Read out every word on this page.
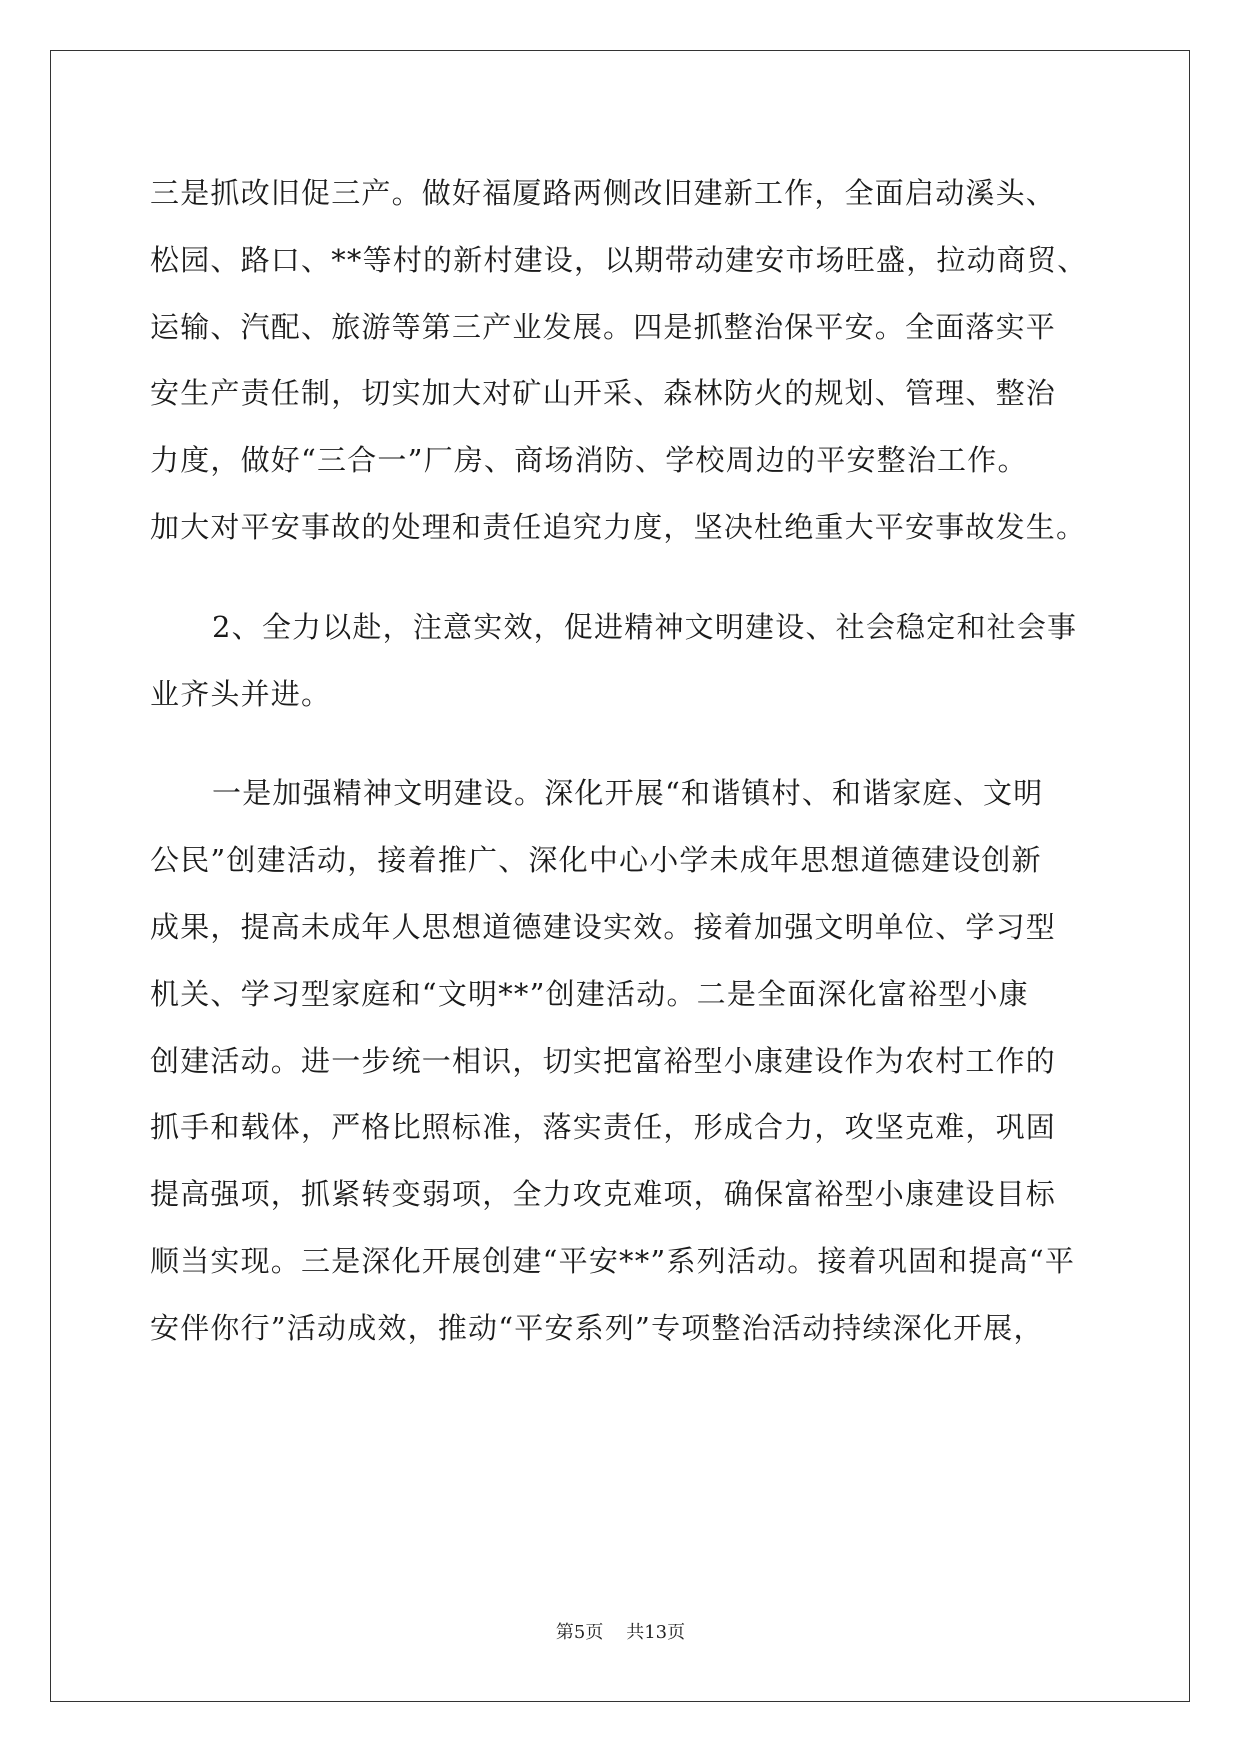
三是抓改旧促三产。做好福厦路两侧改旧建新工作，全面启动溪头、
松园、路口、**等村的新村建设，以期带动建安市场旺盛，拉动商贸、
运输、汽配、旅游等第三产业发展。四是抓整治保平安。全面落实平
安生产责任制，切实加大对矿山开采、森林防火的规划、管理、整治
力度，做好“三合一”厂房、商场消防、学校周边的平安整治工作。
加大对平安事故的处理和责任追究力度，坚决杜绝重大平安事故发生。
2、全力以赴，注意实效，促进精神文明建设、社会稳定和社会事
业齐头并进。
一是加强精神文明建设。深化开展“和谐镇村、和谐家庭、文明
公民”创建活动，接着推广、深化中心小学未成年思想道德建设创新
成果，提高未成年人思想道德建设实效。接着加强文明单位、学习型
机关、学习型家庭和“文明**”创建活动。二是全面深化富裕型小康
创建活动。进一步统一相识，切实把富裕型小康建设作为农村工作的
抓手和载体，严格比照标准，落实责任，形成合力，攻坚克难，巩固
提高强项，抓紧转变弱项，全力攻克难项，确保富裕型小康建设目标
顺当实现。三是深化开展创建“平安**”系列活动。接着巩固和提高“平
安伴你行”活动成效，推动“平安系列”专项整治活动持续深化开展，
第5页 共13页
